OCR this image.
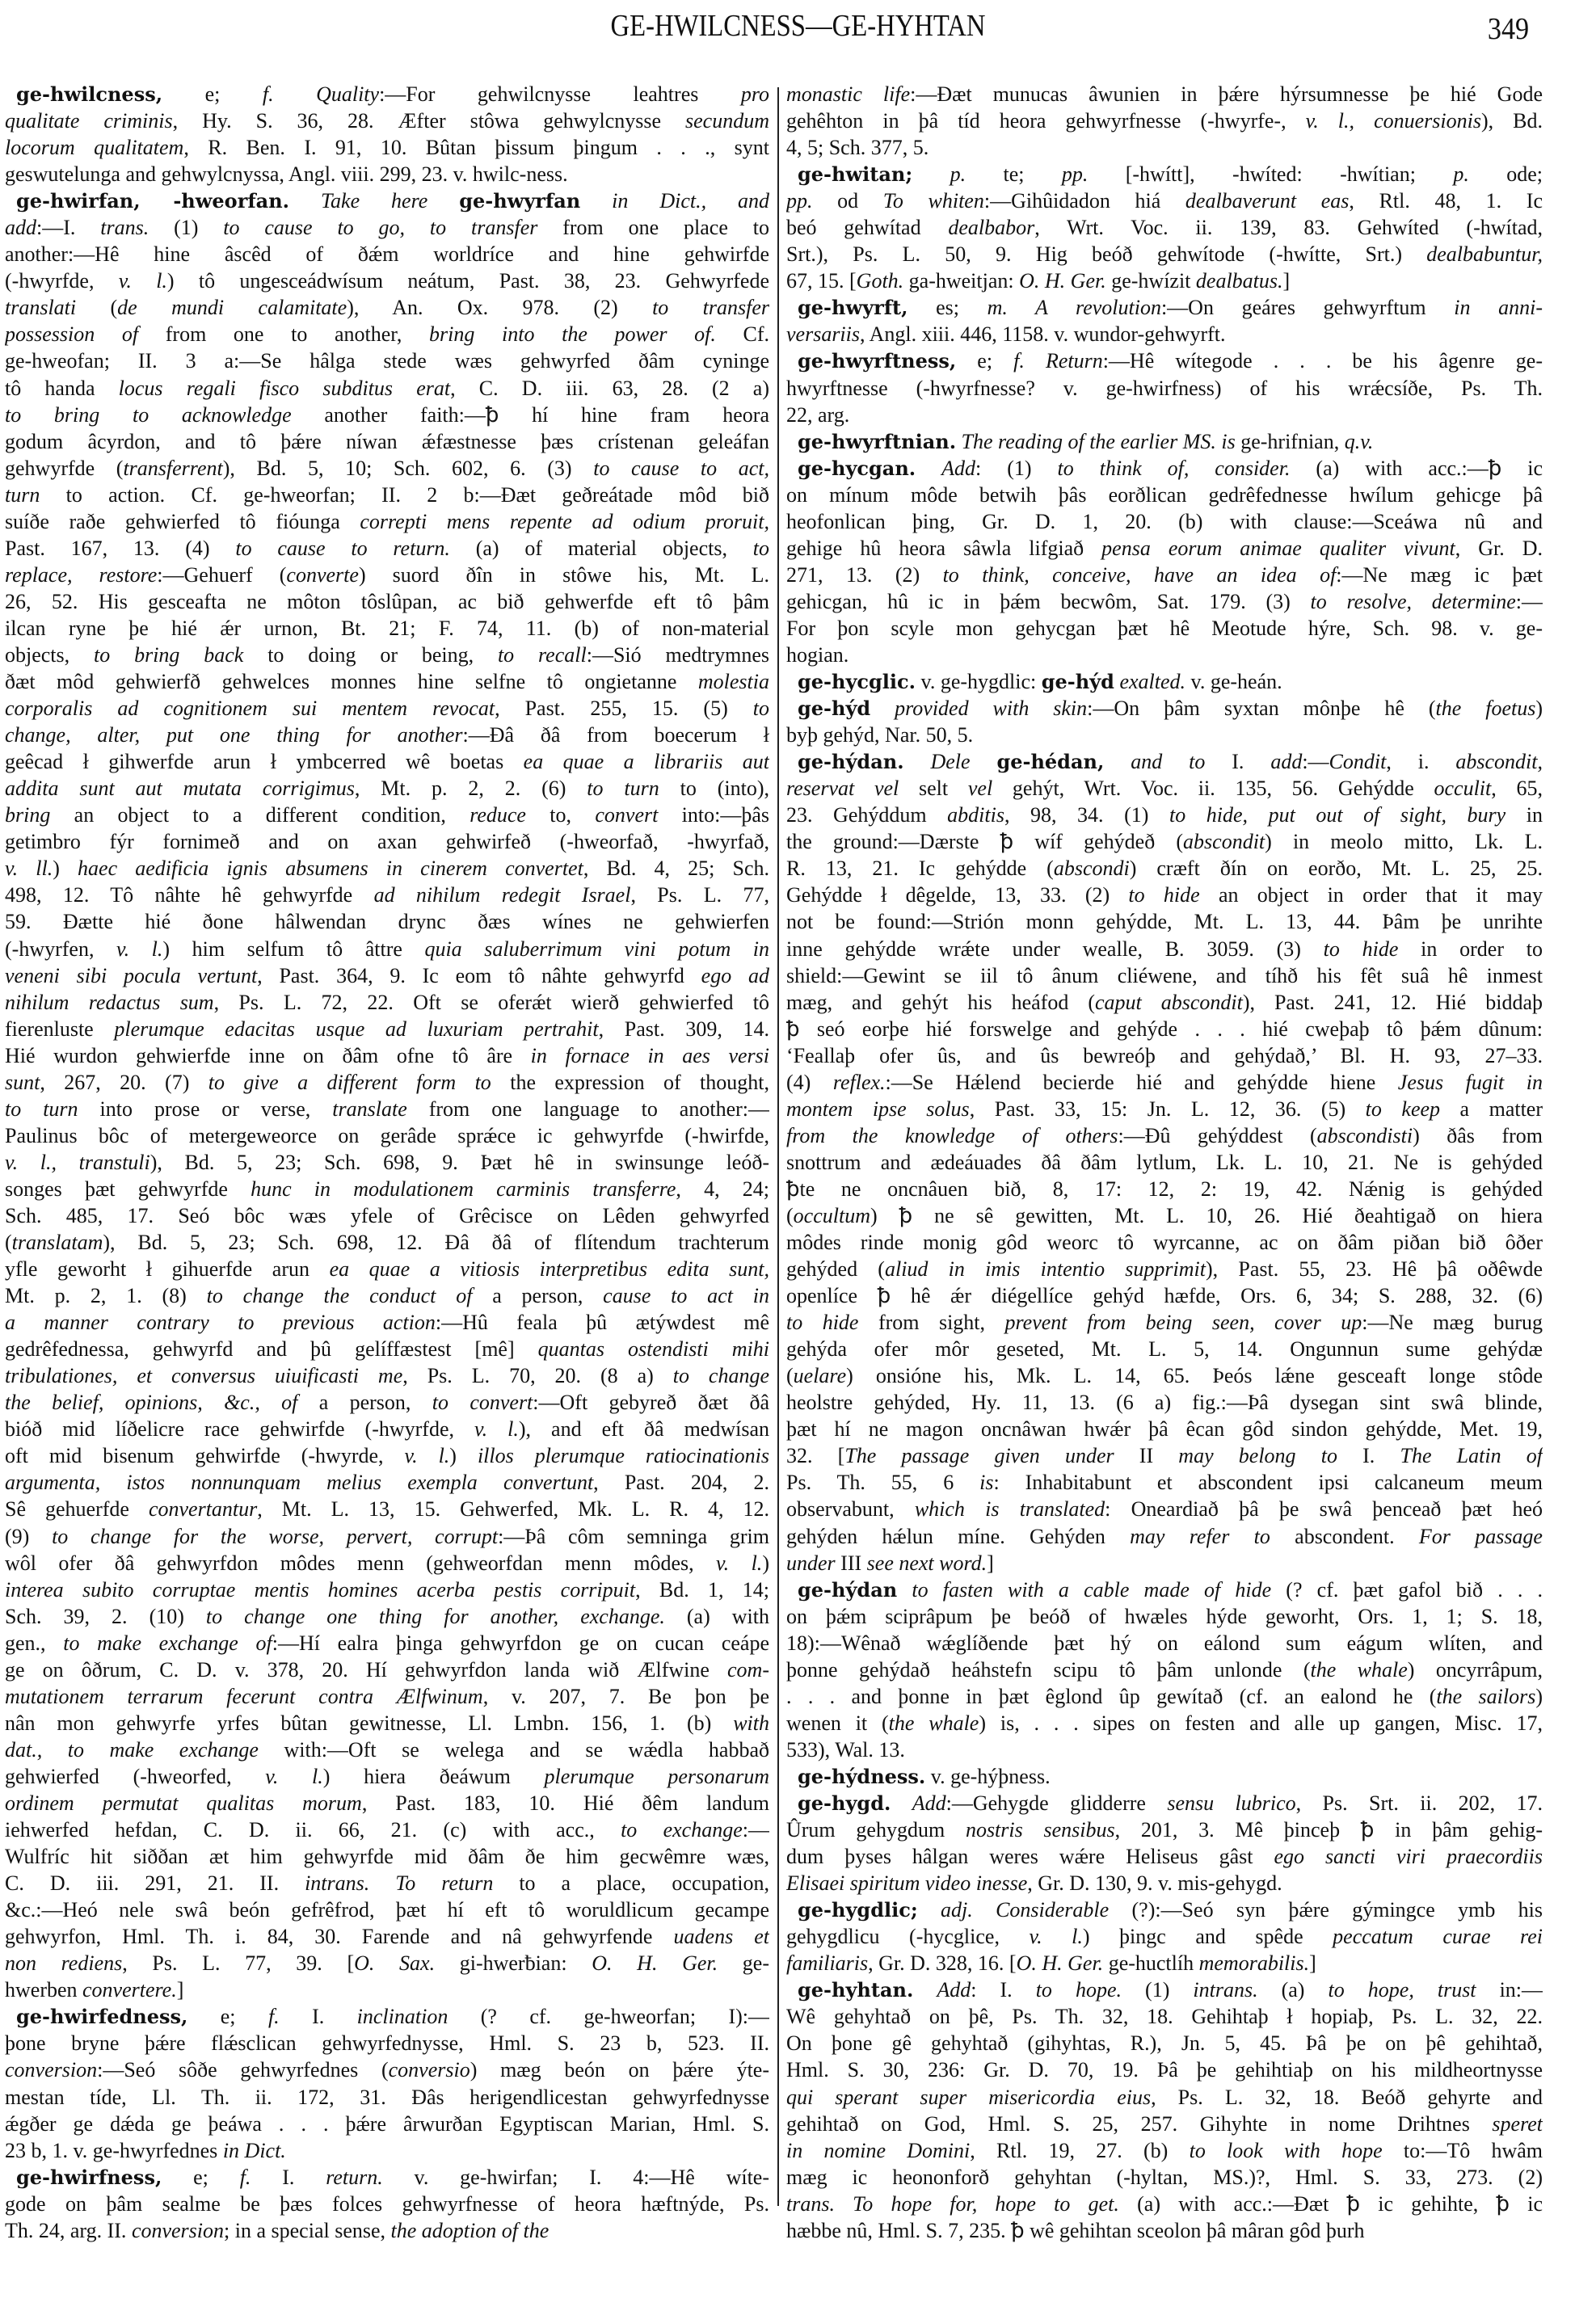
GE-HWILCNESS—GE-HYHTAN	349
ge-hwilcness, e; f. Quality:—For gehwilcnysse leahtres pro
qualitate criminis, Hy. S. 36, 28. Æfter stôwa gehwylcnysse secundum
locorum qualitatem, R. Ben. I. 91, 10. Bûtan þissum þingum . . ., synt
geswutelunga and gehwylcnyssa, Angl. viii. 299, 23. v. hwilc-ness.
ge-hwirfan, -hweorfan. Take here ge-hwyrfan in Dict., and
add:—I. trans. (1) to cause to go, to transfer from one place to
another:—Hê hine âscêd of ðǽm worldríce and hine gehwirfde
(-hwyrfde, v. l.) tô ungesceádwísum neátum, Past. 38, 23. Gehwyrfede
translati (de mundi calamitate), An. Ox. 978. (2) to transfer
possession of from one to another, bring into the power of. Cf.
ge-hweofan; II. 3 a:—Se hâlga stede wæs gehwyrfed ðâm cyninge
tô handa locus regali fisco subditus erat, C. D. iii. 63, 28. (2 a)
to bring to acknowledge another faith:—ꝥ hí hine fram heora
godum âcyrdon, and tô þǽre níwan ǽfæstnesse þæs crístenan geleáfan
gehwyrfde (transferrent), Bd. 5, 10; Sch. 602, 6. (3) to cause to act,
turn to action. Cf. ge-hweorfan; II. 2 b:—Ðæt geðreátade môd bið
suíðe raðe gehwierfed tô fióunga correpti mens repente ad odium proruit,
Past. 167, 13. (4) to cause to return. (a) of material objects, to
replace, restore:—Gehuerf (converte) suord ðîn in stôwe his, Mt. L.
26, 52. His gesceafta ne môton tôslûpan, ac bið gehwerfde eft tô þâm
ilcan ryne þe hié ǽr urnon, Bt. 21; F. 74, 11. (b) of non-material
objects, to bring back to doing or being, to recall:—Sió medtrymnes
ðæt môd gehwierfð gehwelces monnes hine selfne tô ongietanne molestia
corporalis ad cognitionem sui mentem revocat, Past. 255, 15. (5) to
change, alter, put one thing for another:—Ðâ ðâ from boecerum ł
geêcad ł gihwerfde arun ł ymbcerred wê boetas ea quae a librariis aut
addita sunt aut mutata corrigimus, Mt. p. 2, 2. (6) to turn to (into),
bring an object to a different condition, reduce to, convert into:—þâs
getimbro fýr fornimeð and on axan gehwirfeð (-hweorfað, -hwyrfað,
v. ll.) haec aedificia ignis absumens in cinerem convertet, Bd. 4, 25; Sch.
498, 12. Tô nâhte hê gehwyrfde ad nihilum redegit Israel, Ps. L. 77,
59. Ðætte hié ðone hâlwendan drync ðæs wínes ne gehwierfen
(-hwyrfen, v. l.) him selfum tô âttre quia saluberrimum vini potum in
veneni sibi pocula vertunt, Past. 364, 9. Ic eom tô nâhte gehwyrfd ego ad
nihilum redactus sum, Ps. L. 72, 22. Oft se oferǽt wierð gehwierfed tô
fierenluste plerumque edacitas usque ad luxuriam pertrahit, Past. 309, 14.
Hié wurdon gehwierfde inne on ðâm ofne tô âre in fornace in aes versi
sunt, 267, 20. (7) to give a different form to the expression of thought,
to turn into prose or verse, translate from one language to another:—
Paulinus bôc of metergeweorce on gerâde sprǽce ic gehwyrfde (-hwirfde,
v. l., transtuli), Bd. 5, 23; Sch. 698, 9. Þæt hê in swinsunge leóð-
songes þæt gehwyrfde hunc in modulationem carminis transferre, 4, 24;
Sch. 485, 17. Seó bôc wæs yfele of Grêcisce on Lêden gehwyrfed
(translatam), Bd. 5, 23; Sch. 698, 12. Ðâ ðâ of flítendum trachterum
yfle geworht ł gihuerfde arun ea quae a vitiosis interpretibus edita sunt,
Mt. p. 2, 1. (8) to change the conduct of a person, cause to act in
a manner contrary to previous action:—Hû feala þû ætýwdest mê
gedrêfednessa, gehwyrfd and þû gelíffæstest [mê] quantas ostendisti mihi
tribulationes, et conversus uiuificasti me, Ps. L. 70, 20. (8 a) to change
the belief, opinions, &c., of a person, to convert:—Oft gebyreð ðæt ðâ
bióð mid líðelicre race gehwirfde (-hwyrfde, v. l.), and eft ðâ medwísan
oft mid bisenum gehwirfde (-hwyrde, v. l.) illos plerumque ratiocinationis
argumenta, istos nonnunquam melius exempla convertunt, Past. 204, 2.
Sê gehuerfde convertantur, Mt. L. 13, 15. Gehwerfed, Mk. L. R. 4, 12.
(9) to change for the worse, pervert, corrupt:—Þâ côm semninga grim
wôl ofer ðâ gehwyrfdon môdes menn (gehweorfdan menn môdes, v. l.)
interea subito corruptae mentis homines acerba pestis corripuit, Bd. 1, 14;
Sch. 39, 2. (10) to change one thing for another, exchange. (a) with
gen., to make exchange of:—Hí ealra þinga gehwyrfdon ge on cucan ceápe
ge on ôðrum, C. D. v. 378, 20. Hí gehwyrfdon landa wið Ælfwine com-
mutationem terrarum fecerunt contra Ælfwinum, v. 207, 7. Be þon þe
nân mon gehwyrfe yrfes bûtan gewitnesse, Ll. Lmbn. 156, 1. (b) with
dat., to make exchange with:—Oft se welega and se wǽdla habbað
gehwierfed (-hweorfed, v. l.) hiera ðeáwum plerumque personarum
ordinem permutat qualitas morum, Past. 183, 10. Hié ðêm landum
iehwerfed hefdan, C. D. ii. 66, 21. (c) with acc., to exchange:—
Wulfríc hit siððan æt him gehwyrfde mid ðâm ðe him gecwêmre wæs,
C. D. iii. 291, 21. II. intrans. To return to a place, occupation,
&c.:—Heó nele swâ beón gefrêfrod, þæt hí eft tô woruldlicum gecampe
gehwyrfon, Hml. Th. i. 84, 30. Farende and nâ gehwyrfende uadens et
non rediens, Ps. L. 77, 39. [O. Sax. gi-hwerƀian: O. H. Ger. ge-
hwerben convertere.]
ge-hwirfedness, e; f. I. inclination (? cf. ge-hweorfan; I):—
þone bryne þǽre flǽsclican gehwyrfednysse, Hml. S. 23 b, 523. II.
conversion:—Seó sôðe gehwyrfednes (conversio) mæg beón on þǽre ýte-
mestan tíde, Ll. Th. ii. 172, 31. Ðâs herigendlicestan gehwyrfednysse
ǽgðer ge dǽda ge þeáwa . . . þǽre ârwurðan Egyptiscan Marian, Hml. S.
23 b, 1. v. ge-hwyrfednes in Dict.
ge-hwirfness, e; f. I. return. v. ge-hwirfan; I. 4:—Hê wíte-
gode on þâm sealme be þæs folces gehwyrfnesse of heora hæftnýde, Ps.
Th. 24, arg. II. conversion; in a special sense, the adoption of the
monastic life:—Ðæt munucas âwunien in þǽre hýrsumnesse þe hié Gode
gehêhton in þâ tíd heora gehwyrfnesse (-hwyrfe-, v. l., conuersionis), Bd.
4, 5; Sch. 377, 5.
ge-hwitan; p. te; pp. [-hwítt], -hwíted: -hwítian; p. ode;
pp. od To whiten:—Gihûidadon hiá dealbaverunt eas, Rtl. 48, 1. Ic
beó gehwítad dealbabor, Wrt. Voc. ii. 139, 83. Gehwíted (-hwítad,
Srt.), Ps. L. 50, 9. Hig beóð gehwítode (-hwítte, Srt.) dealbabuntur,
67, 15. [Goth. ga-hweitjan: O. H. Ger. ge-hwízit dealbatus.]
ge-hwyrft, es; m. A revolution:—On geáres gehwyrftum in anni-
versariis, Angl. xiii. 446, 1158. v. wundor-gehwyrft.
ge-hwyrftness, e; f. Return:—Hê wítegode . . . be his âgenre ge-
hwyrftnesse (-hwyrfnesse? v. ge-hwirfness) of his wrǽcsíðe, Ps. Th.
22, arg.
ge-hwyrftnian. The reading of the earlier MS. is ge-hrifnian, q.v.
ge-hycgan. Add: (1) to think of, consider. (a) with acc.:—ꝥ ic
on mínum môde betwih þâs eorðlican gedrêfednesse hwílum gehicge þâ
heofonlican þing, Gr. D. 1, 20. (b) with clause:—Sceáwa nû and
gehige hû heora sâwla lifgiað pensa eorum animae qualiter vivunt, Gr. D.
271, 13. (2) to think, conceive, have an idea of:—Ne mæg ic þæt
gehicgan, hû ic in þǽm becwôm, Sat. 179. (3) to resolve, determine:—
For þon scyle mon gehycgan þæt hê Meotude hýre, Sch. 98. v. ge-
hogian.
ge-hycglic. v. ge-hygdlic: ge-hýd exalted. v. ge-heán.
ge-hýd provided with skin:—On þâm syxtan mônþe hê (the foetus)
byþ gehýd, Nar. 50, 5.
ge-hýdan. Dele ge-hédan, and to I. add:—Condit, i. abscondit,
reservat vel selt vel gehýt, Wrt. Voc. ii. 135, 56. Gehýdde occulit, 65,
23. Gehýddum abditis, 98, 34. (1) to hide, put out of sight, bury in
the ground:—Dærste ꝥ wíf gehýdeð (abscondit) in meolo mitto, Lk. L.
R. 13, 21. Ic gehýdde (abscondi) cræft ðín on eorðo, Mt. L. 25, 25.
Gehýdde ł dêgelde, 13, 33. (2) to hide an object in order that it may
not be found:—Strión monn gehýdde, Mt. L. 13, 44. Þâm þe unrihte
inne gehýdde wrǽte under wealle, B. 3059. (3) to hide in order to
shield:—Gewint se iil tô ânum cliéwene, and tíhð his fêt suâ hê inmest
mæg, and gehýt his heáfod (caput abscondit), Past. 241, 12. Hié biddaþ
ꝥ seó eorþe hié forswelge and gehýde . . . hié cweþaþ tô þǽm dûnum:
‘Feallaþ ofer ûs, and ûs bewreóþ and gehýdað,’ Bl. H. 93, 27–33.
(4) reflex.:—Se Hǽlend becierde hié and gehýdde hiene Jesus fugit in
montem ipse solus, Past. 33, 15: Jn. L. 12, 36. (5) to keep a matter
from the knowledge of others:—Ðû gehýddest (abscondisti) ðâs from
snottrum and ædeáuades ðâ ðâm lytlum, Lk. L. 10, 21. Ne is gehýded
ꝥte ne oncnâuen bið, 8, 17: 12, 2: 19, 42. Nǽnig is gehýded
(occultum) ꝥ ne sê gewitten, Mt. L. 10, 26. Hié ðeahtigað on hiera
môdes rinde monig gôd weorc tô wyrcanne, ac on ðâm piðan bið ôðer
gehýded (aliud in imis intentio supprimit), Past. 55, 23. Hê þâ oðêwde
openlíce ꝥ hê ǽr diégellíce gehýd hæfde, Ors. 6, 34; S. 288, 32. (6)
to hide from sight, prevent from being seen, cover up:—Ne mæg burug
gehýda ofer môr geseted, Mt. L. 5, 14. Ongunnun sume gehýdæ
(uelare) onsióne his, Mk. L. 14, 65. Þeós lǽne gesceaft longe stôde
heolstre gehýded, Hy. 11, 13. (6 a) fig.:—Þâ dysegan sint swâ blinde,
þæt hí ne magon oncnâwan hwǽr þâ êcan gôd sindon gehýdde, Met. 19,
32. [The passage given under II may belong to I. The Latin of
Ps. Th. 55, 6 is: Inhabitabunt et abscondent ipsi calcaneum meum
observabunt, which is translated: Oneardiað þâ þe swâ þenceað þæt heó
gehýden hǽlun míne. Gehýden may refer to abscondent. For passage
under III see next word.]
ge-hýdan to fasten with a cable made of hide (? cf. þæt gafol bið . . .
on þǽm sciprâpum þe beóð of hwæles hýde geworht, Ors. 1, 1; S. 18,
18):—Wênað wǽglíðende þæt hý on eálond sum eágum wlíten, and
þonne gehýdað heáhstefn scipu tô þâm unlonde (the whale) oncyrrâpum,
. . . and þonne in þæt êglond ûp gewítað (cf. an ealond he (the sailors)
wenen it (the whale) is, . . . sipes on festen and alle up gangen, Misc. 17,
533), Wal. 13.
ge-hýdness. v. ge-hýþness.
ge-hygd. Add:—Gehygde glidderre sensu lubrico, Ps. Srt. ii. 202, 17.
Ûrum gehygdum nostris sensibus, 201, 3. Mê þinceþ ꝥ in þâm gehig-
dum þyses hâlgan weres wǽre Heliseus gâst ego sancti viri praecordiis
Elisaei spiritum video inesse, Gr. D. 130, 9. v. mis-gehygd.
ge-hygdlic; adj. Considerable (?):—Seó syn þǽre gýmingce ymb his
gehygdlicu (-hycglice, v. l.) þingc and spêde peccatum curae rei
familiaris, Gr. D. 328, 16. [O. H. Ger. ge-huctlíh memorabilis.]
ge-hyhtan. Add: I. to hope. (1) intrans. (a) to hope, trust in:—
Wê gehyhtað on þê, Ps. Th. 32, 18. Gehihtaþ ł hopiaþ, Ps. L. 32, 22.
On þone gê gehyhtað (gihyhtas, R.), Jn. 5, 45. Þâ þe on þê gehihtað,
Hml. S. 30, 236: Gr. D. 70, 19. Þâ þe gehihtiaþ on his mildheortnysse
qui sperant super misericordia eius, Ps. L. 32, 18. Beóð gehyrte and
gehihtað on God, Hml. S. 25, 257. Gihyhte in nome Drihtnes speret
in nomine Domini, Rtl. 19, 27. (b) to look with hope to:—Tô hwâm
mæg ic heononforð gehyhtan (-hyltan, MS.)?, Hml. S. 33, 273. (2)
trans. To hope for, hope to get. (a) with acc.:—Ðæt ꝥ ic gehihte, ꝥ ic
hæbbe nû, Hml. S. 7, 235. ꝥ wê gehihtan sceolon þâ mâran gôd þurh
